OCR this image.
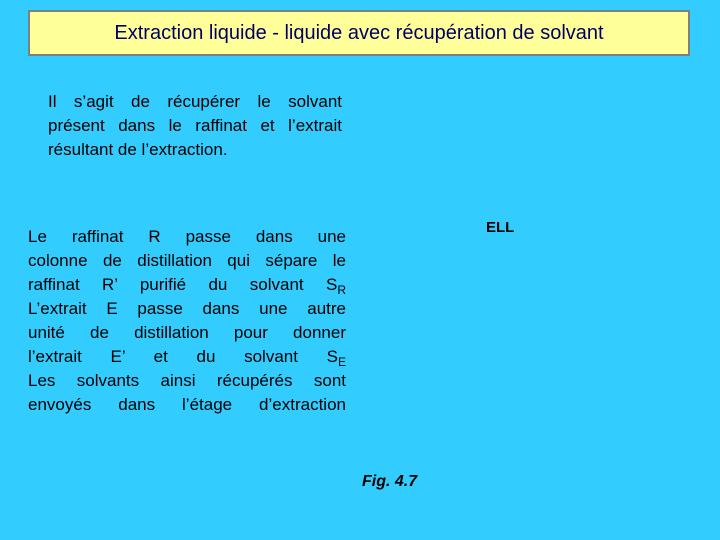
Extraction liquide - liquide avec récupération de solvant
Il s’agit de récupérer le solvant
présent dans le raffinat et l’extrait
résultant de l’extraction.
Le raffinat R passe dans une
colonne de distillation qui sépare le
raffinat R’ purifié du solvant $S_R$
L’extrait E passe dans une autre
unité de distillation pour donner
l’extrait E’ et du solvant $S_E$
Les solvants ainsi récupérés sont
envoyés dans l’étage d’extraction
ELL
Fig. 4.7
